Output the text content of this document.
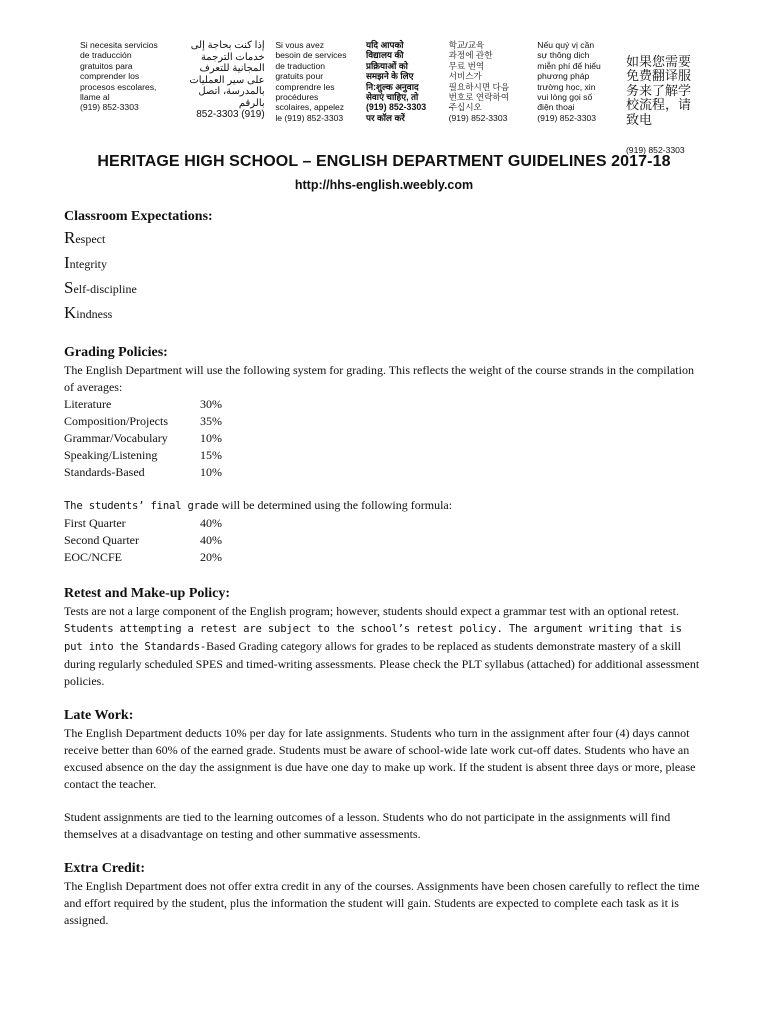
Si necesita servicios
de traducción
gratuitos para
comprender los
procesos escolares,
llame al
(919) 852-3303
إذا كنت بحاجة إلى
خدمات الترجمة
المجانية للتعرف
على سير العمليات
بالمدرسة، اتصل
بالرقم
(919) 852-3303
Si vous avez
besoin de services
de traduction
gratuits pour
comprendre les
procédures
scolaires, appelez
le (919) 852-3303
यदि आपको
विद्यालय की
प्रक्रियाओं को
समझने के लिए
नि:शुल्क अनुवाद
सेवाएं चाहिए, तो
(919) 852-3303
पर कॉल करें
학교/교육
과정에 관한
무료 번역
서비스가
필요하시면 다음
번호로 연락하여
주십시오
(919) 852-3303
Nếu quý vị cần
sự thông dịch
miễn phí để hiểu
phương pháp
trường học, xin
vui lòng gọi số
điện thoại
(919) 852-3303

如果您需要
免费翻译服
务来了解学
校流程，请
致电

(919) 852-3303

HERITAGE HIGH SCHOOL – ENGLISH DEPARTMENT GUIDELINES 2017-18
http://hhs-english.weebly.com
Classroom Expectations:
Respect
Integrity
Self-discipline
Kindness
Grading Policies:

The English Department will use the following system for grading. This reflects the weight of the course strands in the compilation of averages:

Literature	30%
Composition/Projects	35%
Grammar/Vocabulary	10%
Speaking/Listening	15%
Standards-Based	10%

The students’ final grade will be determined using the following formula:

First Quarter	40%
Second Quarter	40%
EOC/NCFE	20%
Retest and Make-up Policy:

Tests are not a large component of the English program; however, students should expect a grammar test with an optional retest. Students attempting a retest are subject to the school’s retest policy. The argument writing that is put into the Standards-Based Grading category allows for grades to be replaced as students demonstrate mastery of a skill during regularly scheduled SPES and timed-writing assessments. Please check the PLT syllabus (attached) for additional assessment policies.

Late Work:

The English Department deducts 10% per day for late assignments. Students who turn in the assignment after four (4) days cannot receive better than 60% of the earned grade. Students must be aware of school-wide late work cut-off dates. Students who have an excused absence on the day the assignment is due have one day to make up work. If the student is absent three days or more, please contact the teacher.

Student assignments are tied to the learning outcomes of a lesson. Students who do not participate in the assignments will find themselves at a disadvantage on testing and other summative assessments.

Extra Credit:

The English Department does not offer extra credit in any of the courses. Assignments have been chosen carefully to reflect the time and effort required by the student, plus the information the student will gain. Students are expected to complete each task as it is assigned.
